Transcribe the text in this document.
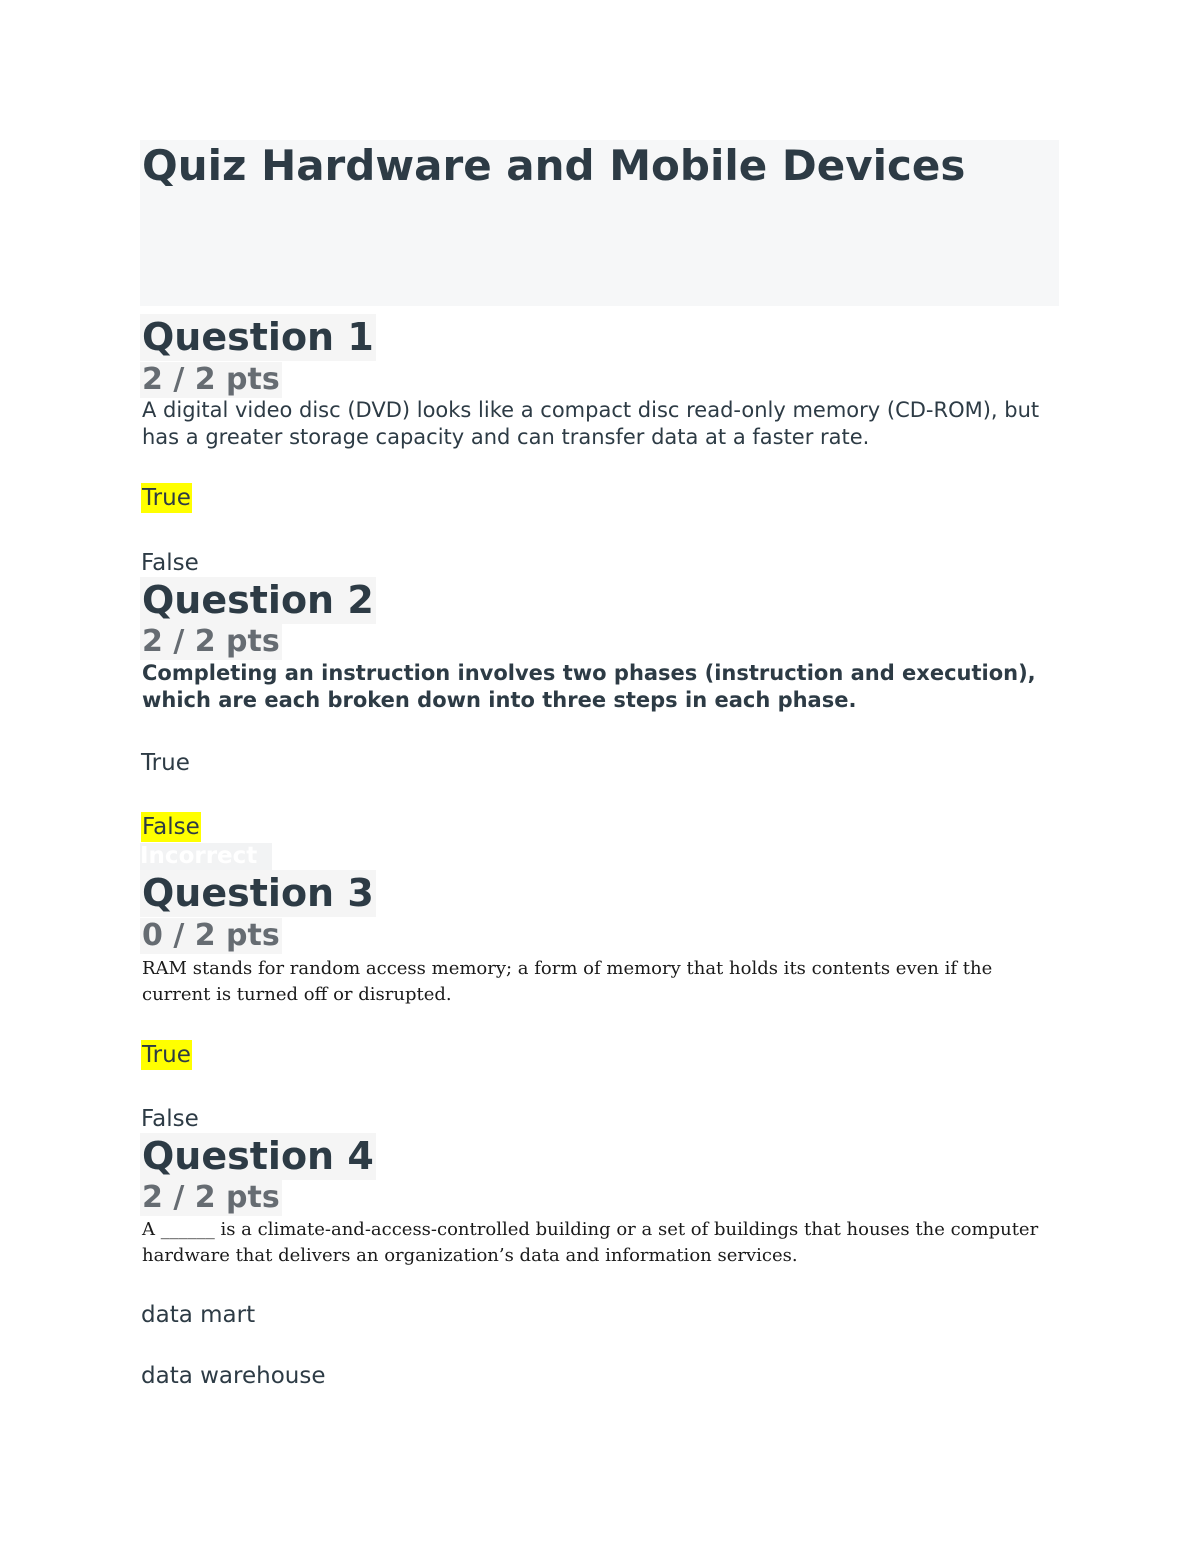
Quiz Hardware and Mobile Devices
Question 1
2 / 2 pts
A digital video disc (DVD) looks like a compact disc read-only memory (CD-ROM), but has a greater storage capacity and can transfer data at a faster rate.
True
False
Question 2
2 / 2 pts
Completing an instruction involves two phases (instruction and execution), which are each broken down into three steps in each phase.
True
False
Incorrect
Question 3
0 / 2 pts
RAM stands for random access memory; a form of memory that holds its contents even if the current is turned off or disrupted.
True
False
Question 4
2 / 2 pts
A ______ is a climate-and-access-controlled building or a set of buildings that houses the computer hardware that delivers an organization’s data and information services.
data mart
data warehouse
